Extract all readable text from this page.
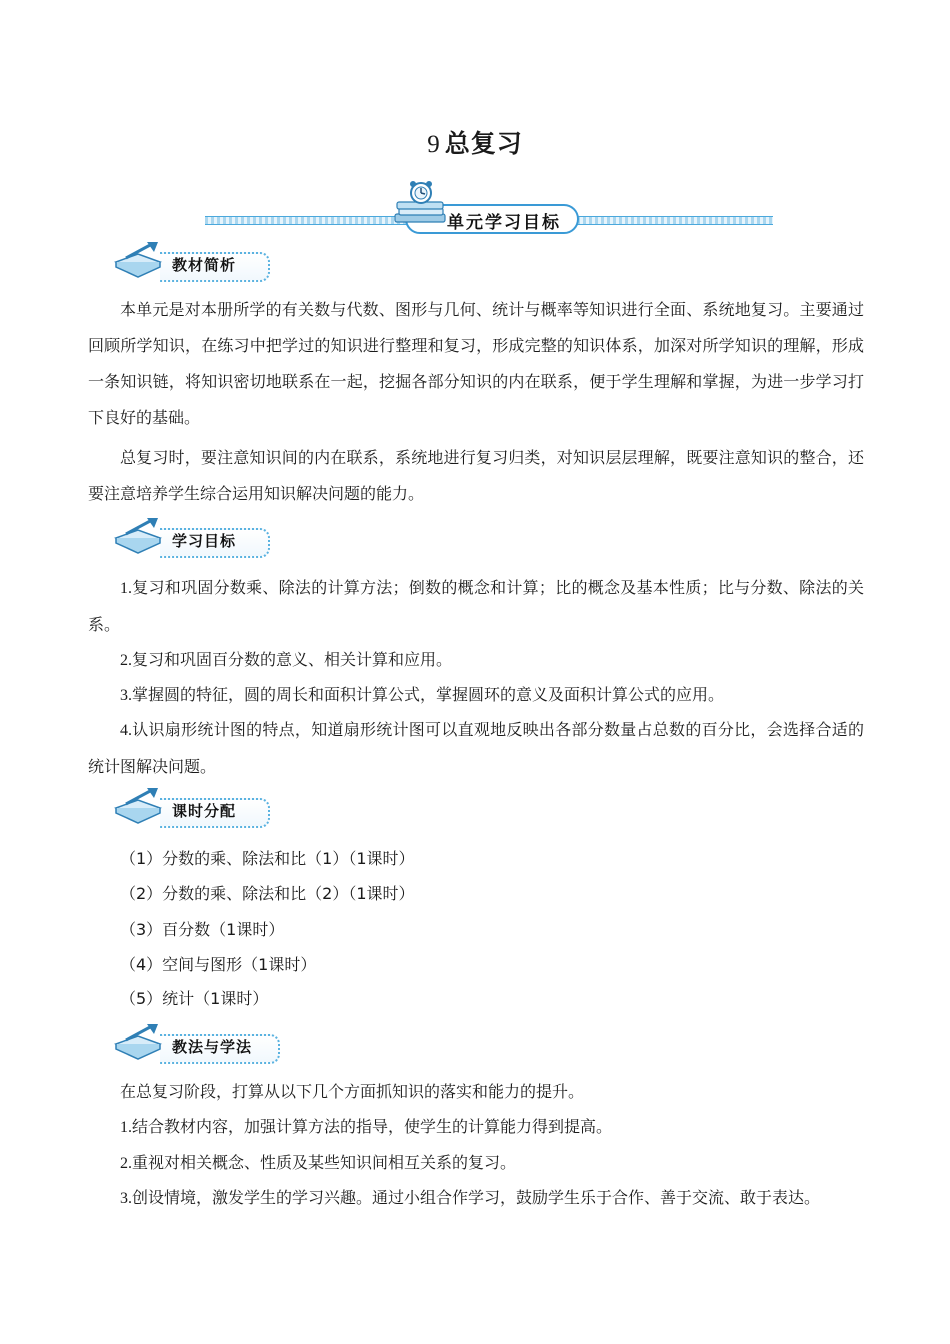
9 总复习
单元学习目标
教材简析
本单元是对本册所学的有关数与代数、图形与几何、统计与概率等知识进行全面、系统地复习。主要通过回顾所学知识，在练习中把学过的知识进行整理和复习，形成完整的知识体系，加深对所学知识的理解，形成一条知识链，将知识密切地联系在一起，挖掘各部分知识的内在联系，便于学生理解和掌握，为进一步学习打下良好的基础。
总复习时，要注意知识间的内在联系，系统地进行复习归类，对知识层层理解，既要注意知识的整合，还要注意培养学生综合运用知识解决问题的能力。
学习目标
1.复习和巩固分数乘、除法的计算方法；倒数的概念和计算；比的概念及基本性质；比与分数、除法的关系。
2.复习和巩固百分数的意义、相关计算和应用。
3.掌握圆的特征，圆的周长和面积计算公式，掌握圆环的意义及面积计算公式的应用。
4.认识扇形统计图的特点，知道扇形统计图可以直观地反映出各部分数量占总数的百分比，会选择合适的统计图解决问题。
课时分配
（1）分数的乘、除法和比（1）（1课时）
（2）分数的乘、除法和比（2）（1课时）
（3）百分数（1课时）
（4）空间与图形（1课时）
（5）统计（1课时）
教法与学法
在总复习阶段，打算从以下几个方面抓知识的落实和能力的提升。
1.结合教材内容，加强计算方法的指导，使学生的计算能力得到提高。
2.重视对相关概念、性质及某些知识间相互关系的复习。
3.创设情境，激发学生的学习兴趣。通过小组合作学习，鼓励学生乐于合作、善于交流、敢于表达。
